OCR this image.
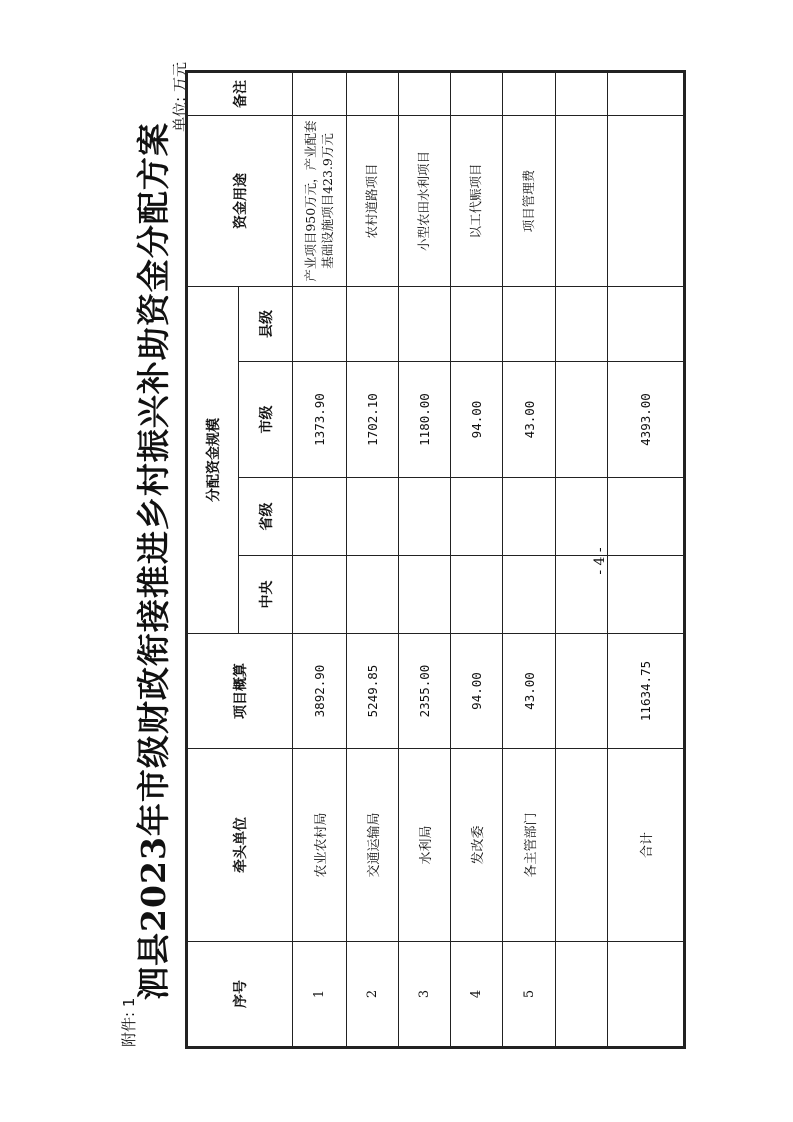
附件: 1
泗县2023年市级财政衔接推进乡村振兴补助资金分配方案
单位: 万元
序号	牵头单位	项目概算	分配资金规模				资金用途	备注
			中央	省级	市级	县级		
1	农业农村局	3892.90			1373.90		产业项目950万元，产业配套基础设施项目423.9万元	
2	交通运输局	5249.85			1702.10		农村道路项目	
3	水利局	2355.00			1180.00		小型农田水利项目	
4	发改委	94.00			94.00		以工代赈项目	
5	各主管部门	43.00			43.00		项目管理费	

	合计	11634.75			4393.00			
- 4 -
